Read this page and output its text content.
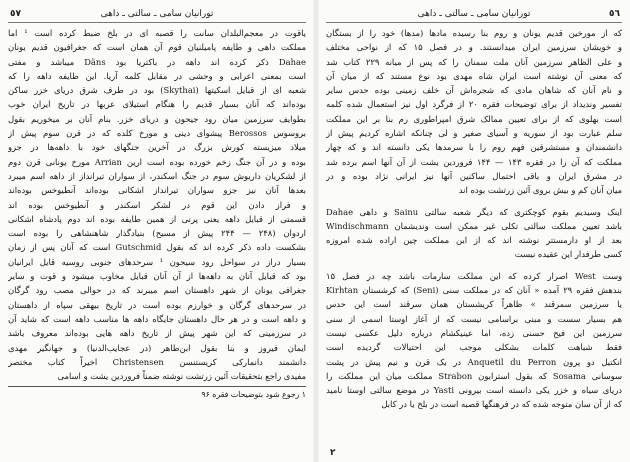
تورانیان سامی ـ سالتی ـ داهی
٥٧
یاقوت در معجم‌البلدان سانت را قصبه ای در بلخ ضبط کرده است ¹ اما
مملکت داهی و طایفه پامیلنیان قوم آن همان است که جغرافیون قدیم یونان
Dahae ذکر کرده اند داهه در باکتریا بود Däns میباشد و مفتی
است بمعنی اعرابی و وحشی در مقابل کلمه آریا. این طایفه داهه را که
شعبه ای از قبایل اسکیتها (Skythai) بود در طرف شرق دریای خزر ساکن
بوده‌اند که آنان بسیار قدیم را هنگام استیلای عربها در تاریخ ایران خوب
بطوایف سرزمین میان رود جیحون و دریای خزر. بنام آنان بر میخوریم بقول
بروسوس Berossos پیشوای دینی و مورخ کلده که در قرن سوم پیش از
میلاد میزیسته کورش بزرگ در آخرین جنگهای خود با داهه‌ها در جزو
بوده و در آن جنگ زخم خورده بوده است ارین Arrian مورخ یونانی قرن دوم
از لشکریان داریوش سوم در جنگ اسکندر، از سواران تیرانداز از داهه اسم میبرد
بعدها آنان نیز جزو سواران تیرانداز اشکانی بوده‌اند آنطیوخس بوده‌اند
و فراز دادن این قوم در لشکر اسکندر و آنطیوخس بوده اند
قسمتی از قبایل داهه یعنی پرنی از همین طایفه بوده اند دوم پادشاه اشکانی
اردوان (۲۴۸ — ۲۴۴ پیش از مسیح) بنیادگذار شاهنشاهی را بوده است
بشکست داده ذکر کرده اند که بقول Gutschmid است که آنان پس از زمان
بسیار دراز در سواحل رود سیحون ¹ سرحدهای جنوبی روسیه قایل ایرانیان
بود که قبایل آنان به داهه‌ها از آن آنان قبایل مخاوب میشود و قوت و سایر
جغرافی یونان از شهر داهستان اسم میبرند که در حوالی مصب رود گرگان
در سرحدهای گرگان و خوارزم بوده است در تاریخ بیهقی سپاه از داهستان
و داهه است و در هر حال داهستان جایگاه داهه ها مناسب داهه است که شاید آن
در سرزمینی که این شهر پیش از تاریخ داهه هایی بوده‌اند معروف باشد
ایمان فیروز و بنا بقول ابن‌طاهر (در عجایب‌الدنیا) و جهانگیر مهدی
دانشمند دانمارکی کریستنسن Christensen اخیراً کتاب مختصر
مفیدی راجع بتحقیقات آئین زرتشت نوشته ضمناً فروردین یشت و اسامی
۱ رجوع شود بتوضیحات فقره ۹۶
تورانیان سامی ـ سالتی ـ داهی	٥٦
که از مورخین قدیم یونان و روم بنا رسیده مادها (مدها) خود را از بستگان
و خویشان سرزمین ایران میدانستند. و در فصل ۱۵ که از نواحی مختلف
و علی الظاهر سرزمین آنان ملت سمنان را که پس از میانه ۲۲۹ کتاب شد
که معنی آن نوشته است ایران شاه مهدی بود نوع مستند که از میان آن
و نام آنان که شاهان مادی که شجره‌اش آن خلف زمینی بوده حدس سایر
تفسیر وندیداد از برای توضیحات فقره ۲۰ از فرگرد اول نیز استعمال شده کلمه
است بهلوی که از برای تعیین ممالک شرق امپراطوری رم بنا بر این مملکت
سلم عبارت بود از سوریه و آسیای صغیر و لی چنانکه اشاره کردیم پیش از
دانشمندان و مستشرقین فهم روم را با سرمدها یکی دانسته اند و که چهار
مملکت که آن را در فقره ۱۴۳ — ۱۴۴ فروردین یشت از آن آنها اسم برده شد
در مشرق ایران و باقی احتمال ساکنین آنها نیز ایرانی نژاد بوده و در
میان آنان کم و بیش بروی آئین زرتشت بوده اند
اینک وسیدیم بقوم کوچکتری که دیگر شعبه سالتی Sainu و داهی Dahae
باشد تعیین مملکت سالتی تکلی غیر ممکن است وندیشمان Windischmann
بعد از او دارمستتر نوشته اند که از این مملکت چین اراده شده امروزه
کسی طرفدار این عقیده نیست
وست West اصرار کرده که این مملکت سارمات باشد چه در فصل ۱۵
بندهش فقره ۲۹ آمده « آنان که در مملکت سنی (Seni) که کرشستان Kirhtan
یا سرزمین سمرقند » ظاهراً کریشستان همان سرقند است این حدس
هم بسیار سست و مبنی براسامی نیست که از آغاز اوستا اسمی از سنی
سرزمین این فیح حسنی زده، اما عینیکشام درباره دلیل عکسی نیست
فقط شباهت کلمات بشکلی موجب این احتیالات گردیده است
انکتیل دو پرون Anquetil du Perron در یک قرن و نیم پیش در پشت
سوسانی Sosama که بقول استرابون Strabon مملکت میان این مملکت را
دریای سیاه و خزر یکی دانسته است بیرونی Yasti در موضع سالتی اوستا نامید
که از آن سان متوجه شده که در فرهنگها قصبه است در بلخ یا در کابل
۲
